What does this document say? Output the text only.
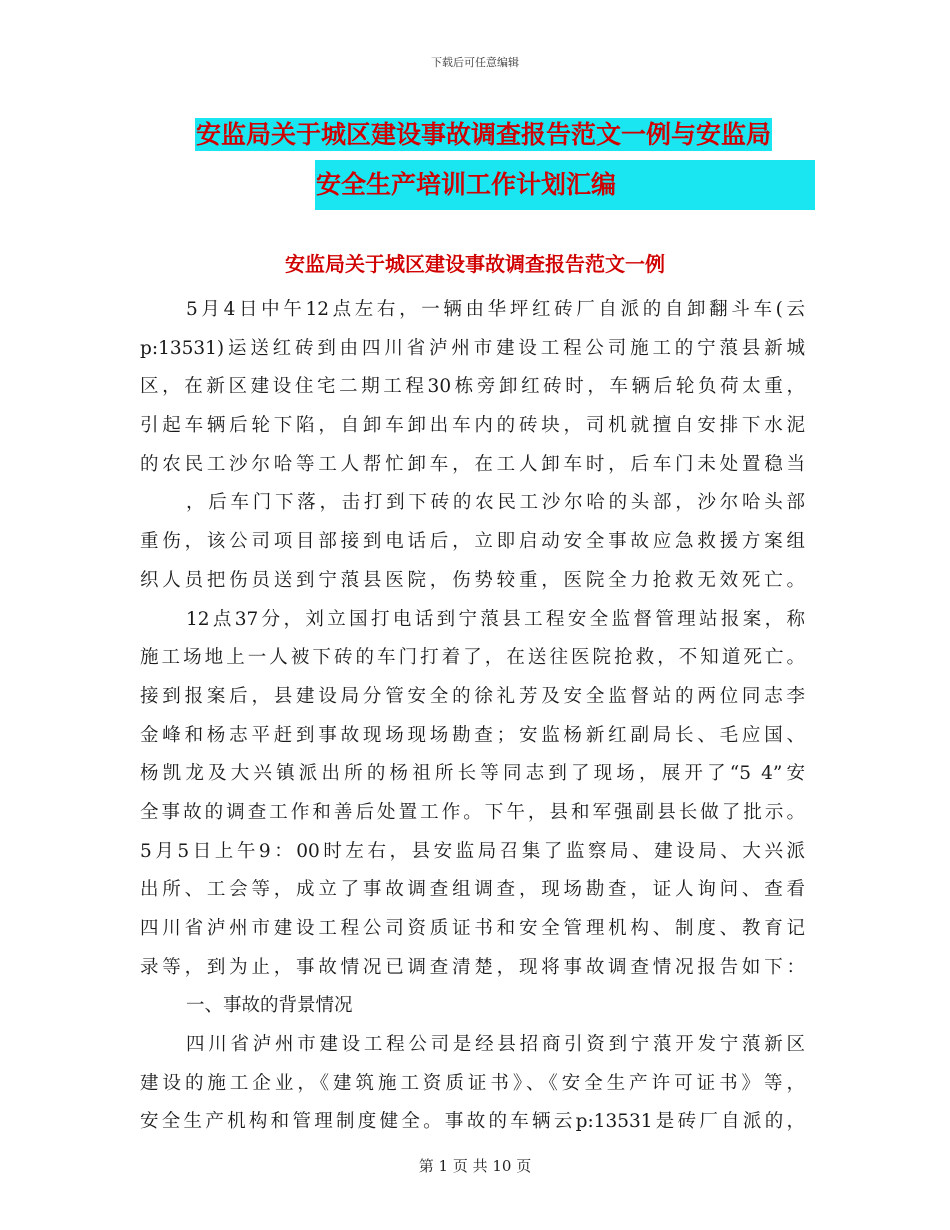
下载后可任意编辑
安监局关于城区建设事故调查报告范文一例与安监局
安全生产培训工作计划汇编
安监局关于城区建设事故调查报告范文一例
5月4日中午12点左右，一辆由华坪红砖厂自派的自卸翻斗车(云
p:13531)运送红砖到由四川省泸州市建设工程公司施工的宁蒗县新城
区，在新区建设住宅二期工程30栋旁卸红砖时，车辆后轮负荷太重，
引起车辆后轮下陷，自卸车卸出车内的砖块，司机就擅自安排下水泥
的农民工沙尔哈等工人帮忙卸车，在工人卸车时，后车门未处置稳当
，后车门下落，击打到下砖的农民工沙尔哈的头部，沙尔哈头部
重伤，该公司项目部接到电话后，立即启动安全事故应急救援方案组
织人员把伤员送到宁蒗县医院，伤势较重，医院全力抢救无效死亡。
12点37分，刘立国打电话到宁蒗县工程安全监督管理站报案，称
施工场地上一人被下砖的车门打着了，在送往医院抢救，不知道死亡。
接到报案后，县建设局分管安全的徐礼芳及安全监督站的两位同志李
金峰和杨志平赶到事故现场现场勘查；安监杨新红副局长、毛应国、
杨凯龙及大兴镇派出所的杨祖所长等同志到了现场，展开了“5 4”安
全事故的调查工作和善后处置工作。下午，县和军强副县长做了批示。
5月5日上午9：00时左右，县安监局召集了监察局、建设局、大兴派
出所、工会等，成立了事故调查组调查，现场勘查，证人询问、查看
四川省泸州市建设工程公司资质证书和安全管理机构、制度、教育记
录等，到为止，事故情况已调查清楚，现将事故调查情况报告如下：
一、事故的背景情况
四川省泸州市建设工程公司是经县招商引资到宁蒗开发宁蒗新区
建设的施工企业，《建筑施工资质证书》、《安全生产许可证书》等，
安全生产机构和管理制度健全。事故的车辆云p:13531是砖厂自派的，
第 1 页 共 10 页
